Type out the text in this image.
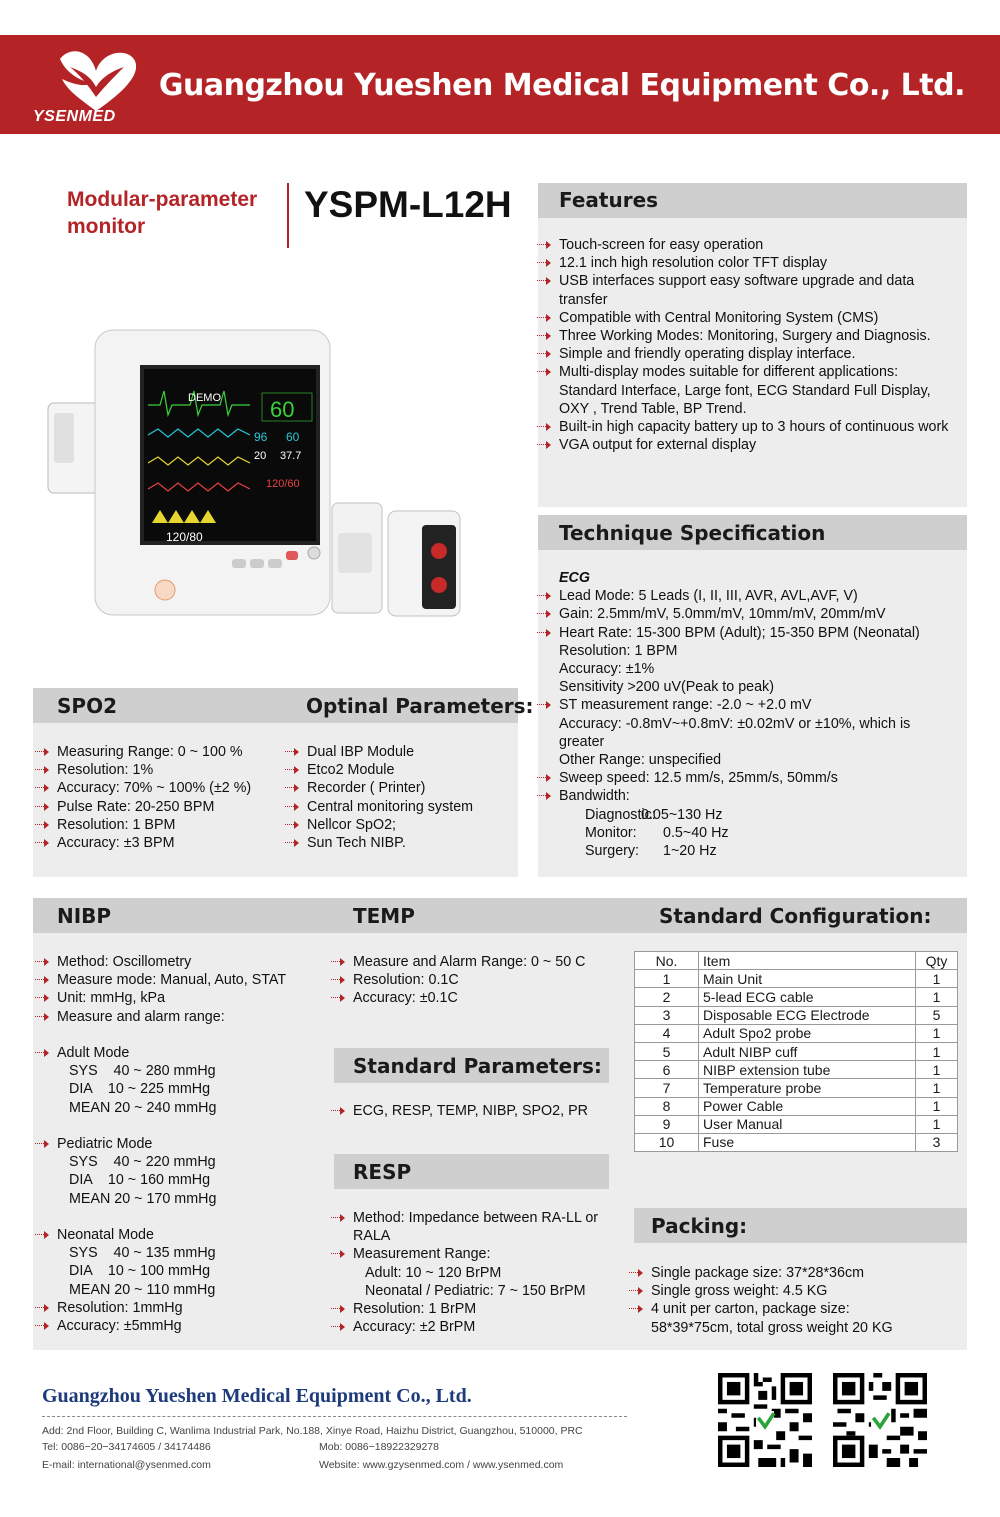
YSENMED
Guangzhou Yueshen Medical Equipment Co., Ltd.
Modular-parameter
monitor
YSPM-L12H
DEMO 60
96 60
20 37.7
120/60
120/80
Features
Touch-screen for easy operation
12.1 inch high resolution color TFT display
USB interfaces support easy software upgrade and data transfer
Compatible with Central Monitoring System (CMS)
Three Working Modes: Monitoring, Surgery and Diagnosis.
Simple and friendly operating display interface.
Multi-display modes suitable for different applications: Standard Interface, Large font, ECG Standard Full Display, OXY , Trend Table, BP Trend.
Built-in high capacity battery up to 3 hours of continuous work
VGA output for external display
Technique Specification
ECG
Lead Mode: 5 Leads (I, II, III, AVR, AVL,AVF, V)
Gain: 2.5mm/mV, 5.0mm/mV, 10mm/mV, 20mm/mV
Heart Rate: 15-300 BPM (Adult); 15-350 BPM (Neonatal)
Resolution: 1 BPM
Accuracy: ±1%
Sensitivity >200 uV(Peak to peak)
ST measurement range: -2.0 ~ +2.0 mV
Accuracy: -0.8mV~+0.8mV: ±0.02mV or ±10%, which is greater
Other Range: unspecified
Sweep speed: 12.5 mm/s, 25mm/s, 50mm/s
Bandwidth:
Diagnostic:0.05~130 Hz
Monitor: 0.5~40 Hz
Surgery: 1~20 Hz
SPO2	Optinal Parameters:
Measuring Range: 0 ~ 100 %
Resolution: 1%
Accuracy: 70% ~ 100% (±2 %)
Pulse Rate: 20-250 BPM
Resolution: 1 BPM
Accuracy: ±3 BPM
Dual IBP Module
Etco2 Module
Recorder ( Printer)
Central monitoring system
Nellcor SpO2;
Sun Tech NIBP.
NIBP	TEMP	Standard Configuration:
Method: Oscillometry
Measure mode: Manual, Auto, STAT
Unit: mmHg, kPa
Measure and alarm range:
Adult Mode
SYS    40 ~ 280 mmHg
DIA    10 ~ 225 mmHg
MEAN 20 ~ 240 mmHg
Pediatric Mode
SYS    40 ~ 220 mmHg
DIA    10 ~ 160 mmHg
MEAN 20 ~ 170 mmHg
Neonatal Mode
SYS    40 ~ 135 mmHg
DIA    10 ~ 100 mmHg
MEAN 20 ~ 110 mmHg
Resolution: 1mmHg
Accuracy: ±5mmHg
Measure and Alarm Range: 0 ~ 50 C
Resolution: 0.1C
Accuracy: ±0.1C
Standard Parameters:
ECG, RESP, TEMP, NIBP, SPO2, PR
RESP
Method: Impedance between RA-LL or RALA
Measurement Range:
Adult: 10 ~ 120 BrPM
Neonatal / Pediatric: 7 ~ 150 BrPM
Resolution: 1 BrPM
Accuracy: ±2 BrPM
No.	Item	Qty
1	Main Unit	1
2	5-lead ECG cable	1
3	Disposable ECG Electrode	5
4	Adult Spo2 probe	1
5	Adult NIBP cuff	1
6	NIBP extension tube	1
7	Temperature probe	1
8	Power Cable	1
9	User Manual	1
10	Fuse	3
Packing:
Single package size: 37*28*36cm
Single gross weight: 4.5 KG
4 unit per carton, package size: 58*39*75cm, total gross weight 20 KG
Guangzhou Yueshen Medical Equipment Co., Ltd.
Add: 2nd Floor, Building C, Wanlima Industrial Park, No.188, Xinye Road, Haizhu District, Guangzhou, 510000, PRC
Tel: 0086−20−34174605 / 34174486	Mob: 0086−18922329278
E-mail: international@ysenmed.com	Website: www.gzysenmed.com / www.ysenmed.com
